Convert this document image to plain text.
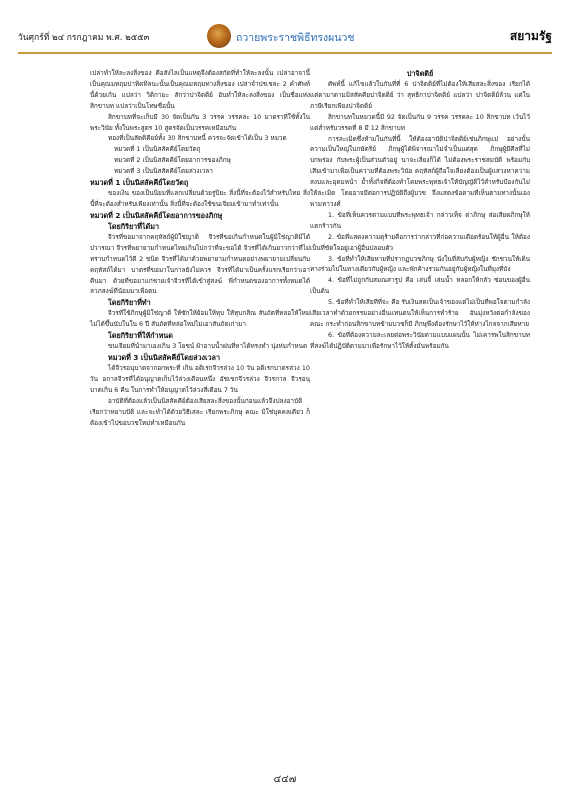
วันศุกร์ที่ ๒๔ กรกฎาคม พ.ศ. ๒๕๕๓	ถวายพระราชพิธีทรงผนวช	สยามรัฐ

เปล่าทำให้ละลงสิ่งของ คือสังไลเป็นแหตุจึงต้องสกัดที่ทำให้ละลงนั้น เปล่าอาจานี้ เป็นคุณมหฤมปาทิดทิลนะนั้นเป็นคุณมหฤมทางสิ่งของ เปล่าจำปรเชละ 2 คำศัพท์นี้ด้วยเก้น แปลว่า วิติกามะ สักว่าปาจิตติย์ อันทำให้ละลงสิ่งของ เป็นชื่อแห่งสิกขาบท แปลว่าเป็นโทษชื่อนั้น

สิกขาบทที่จะเก็บมี 30 จัดเป็นกัน 3 วรรค วรรคละ 10 มาตราที่ใช้ทั้งในพระวินัย ทั้งในพระสูตร 10 สูตรจัดเป็นวรรคเหมือนกัน

ทองที่เป็นสัตติคียย์ทั้ง 30 สิกขาบทนี้ ควรจะจัดเข้าได้เป็น 3 หมวด

หมวดที่ 1 เป็นนิสสัคคีย์โดยวัตถุ

หมวดที่ 2 เป็นนิสสัคคีย์โดยอาการของภิกษุ

หมวดที่ 3 เป็นนิสสัคคีย์โดยล่วงเวลา

หมวดที่ 1 เป็นนิสสัคคีย์โดยวัตถุ

ของเงิน ของเป็นนิยมที่แลกเปลี่ยนด้วยรูปิยะ สิ่งนี้ที่จะต้องไว้สำหรับไทย สิ่งนี้ที่จะต้องสำหรับเพียงเท่านั้น สิ่งนี้ที่จะต้องใช้ขนเจียมเข้ามาทำเท่านั้น

หมวดที่ 2 เป็นนิสสัคคีย์โดยอาการของภิกษุ
โดยกิริยาที่ได้มา

จีวรที่ขอมาจากคฤหัสถ์ผู้มิใช่ญาติ จีวรที่ขอเกินกำหนดในผู้มิใช่ญาติมิได้ปวารณา จีวรที่พยายามกำหนดไทยเกินไปกว่าที่จะขอได้ จีวรที่ได้เกินยาวกว่าที่ไม่ทราบกำหนดไว้ดี 2 ชนิด จีวรที่ได้มาด้วยพยายามกำหนดอย่างพยายามเปลี่ยนกับคฤหัสถ์ได้มา บาตรที่ขอมาในกาลยังไม่ควร จีวรที่ได้มาเป็นครั้งแรกเรียกว่าเอาคืนมา ด้วยที่ขอมาแก่ชายเจ้าจีวรที่ได้เข้าสู่สงฆ์ พี่กำหนดของอาการทั้งหมดได้ ลาภสงฆ์ที่น้อมมาเพื่อตน

โดยกิริยาที่ทำ

จีวรที่ใช้ภิกษุผู้มิใช่ญาติ ให้ซักให้ย้อมให้ทุบ ให้ทุบกสิณ สันถัตที่หลอให้ใหม่ไม่ได้ขึ้นนับในใน 6 ปี สันถัตที่หล่อใหม่ไม่เอาสันถัตเก่ามา

โดยกิริยาที่ให้กำหนด

ขนเจียมที่นำมาเองเกิน 3 โยชน์ ผ้าอาบน้ำฝนที่หาได้ทรงทำ นุ่งห่มกำหนด

หมวดที่ 3 เป็นนิสสัคคีย์โดยล่วงเวลา

ได้จีวรอนุบาตจากอกพระที่ เกิน อติเรกจีวรล่วง 10 วัน อติเรกบาตรล่วง 10 วัน อกาลจีวรที่ได้อนุญาตเก็บไว้ล่วงเดือนหนึ่ง อัชเชกจีวรล่วง จีวรกาล จีวรอนุบาตเกิน 6 คืน ในการทำให้อนุญาตไว้ล่วงสี่เดือน 7 วัน

อาบัติที่ต้องแล้วเป็นนิสสัคคีย์ต้องเสียสละสิ่งของนั้นก่อนแล้วจึงปลงอาบัติ เรียกว่าหยาบปัติ และจะทำได้ด้วยวิธีเสละ เรียกพระภิกษุ คณะ มิใช่บุคคลเดียว ก็ต้องเข้าไปขอบวชใหม่ทำเหมือนกัน

ปาจิตติย์

ศัพท์นี้ แก้ไขแล้วในกันที่ที่ 6 ปาจิตติย์ที่ไม่ต้องให้เสียสละสิ่งของ เรียกได้แต่ตามาตามมิสสัคคียปาจิตติย์ ว่า สุทธิกาปาจิตติย์ แปลว่า ปาจิตติย์ล้วน แต่ในภาษีเรียกเพียงปาจิตติย์

สิกขาบทในหมวดนี้มี 92 จัดเป็นกัน 9 วรรค วรรคละ 10 สิกขาบท เว้นไว้แต่สำหรับวรรคที่ 8 มี 12 สิกขาบท

การละเมิดซึ่งห้ามในกันที่นี้ ให้ต้องอาบัติปาจิตติย์เช่นภิกษุแม่ อย่างนั้น ความเป็นใหญ่ในกษัตริย์ ภิกษุผู้ได้พิจารณาไม่จำเป็นแต่สุด ภิกษุผู้มีศีลที่ไม่บกพร่อง กับพระผู้เป็นส่วนตัวอยู่ นาจะเลี่ยงก็ได้ ไม่ต้องพระราชสมบัติ พร้อมกับเสียเข้ามาเพื่อเป็นความที่ต้องพระวินัย คฤหัสถ์ผู้ถือใจเลี่ยงต้องเป็นผู้แสวงหาความสงบและอุดมหนำ ย้ำทั้งกิจที่ต้องทำโดยพระพุทธเจ้าให้บัญญัติไว้สำหรับป้องกันไม่ให้ละเมิด โดยอาจมีต่อการปฏิบัติถึงผู้บวช จึงแสดงข้อตามที่เห็นตามทางนั้นเอง พามหาวงศ์

1. ข้อที่เห็นควรตามแบบที่พระพุทธเจ้า กล่าวเท็จ ด่าภิกษุ ส่อเสียดภิกษุให้แตกร้าวกัน

2. ข้อที่แสดงความดุร้ายคือการว่ากล่าวที่ก่อความเดือดร้อนให้ผู้อื่น ให้ต้องเป็นที่ขัดใจอยู่เอาผู้อื่นปลอบตัว

3. ข้อที่ทำให้เสียหายที่ปรากฏบวชภิกษุ นั่งในที่ลับกับผู้หญิง ชักชวนให้เดินทางร่วมไปในทางเดียวกับผู้หญิง และพักค้างรวมกันอยู่กับผู้หญิงในที่มุงที่บัง

4. ข้อที่ไม่ถูกกับสมณสารูป คือ เล่นจี้ เล่นน้ำ หลอกให้กลัว ซ่อนของผู้อื่น เป็นต้น

5. ข้อที่ทำให้เสียทีที่จะ คือ รับเงินสดเป็นเจ้าของแต่ไม่เป็นที่พอใจตามกำลังเสียเวลาทำด้วยกรรมอย่างอื่นแทนตนให้เห็นการทำร้าย อันมุ่งหวังต่อกำลังของคณะ กระทำก่อนสิกขาบทข้ามบวชก็มี ภิกษุพึงต้องรักษาไว้ให้ห่างไกลจากเสียหาย

6. ข้อที่ต้องความละเลยต่อพระวินัยตามแบบแผนนั้น ไม่เคารพในสิกขาบทที่สงฆ์ได้ปฏิบัติตามมาเพื่อรักษาไว้ให้ตั้งมั่นพร้อมกัน

๔๔๗
